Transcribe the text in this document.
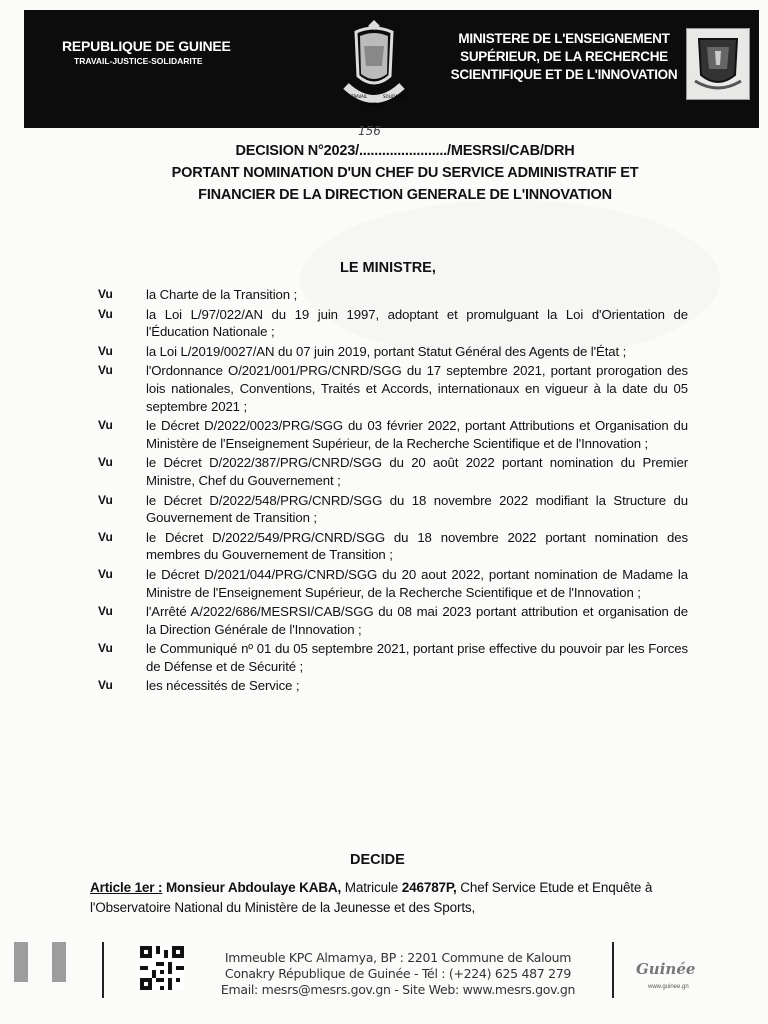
REPUBLIQUE DE GUINEE
TRAVAIL-JUSTICE-SOLIDARITE
TRAVAIL
JUSTICE
SOLIDARITE
MINISTERE DE L'ENSEIGNEMENT
SUPÉRIEUR, DE LA RECHERCHE
SCIENTIFIQUE ET DE L'INNOVATION
156
DECISION N°2023/......................./MESRSI/CAB/DRH
PORTANT NOMINATION D'UN CHEF DU SERVICE ADMINISTRATIF ET
FINANCIER DE LA DIRECTION GENERALE DE L'INNOVATION
LE MINISTRE,
Vu	la Charte de la Transition ;
Vu	la Loi L/97/022/AN du 19 juin 1997, adoptant et promulguant la Loi d'Orientation de l'Éducation Nationale ;
Vu	la Loi L/2019/0027/AN du 07 juin 2019, portant Statut Général des Agents de l'État ;
Vu	l'Ordonnance O/2021/001/PRG/CNRD/SGG du 17 septembre 2021, portant prorogation des lois nationales, Conventions, Traités et Accords, internationaux en vigueur à la date du 05 septembre 2021 ;
Vu	le Décret D/2022/0023/PRG/SGG du 03 février 2022, portant Attributions et Organisation du Ministère de l'Enseignement Supérieur, de la Recherche Scientifique et de l'Innovation ;
Vu	le Décret D/2022/387/PRG/CNRD/SGG du 20 août 2022 portant nomination du Premier Ministre, Chef du Gouvernement ;
Vu	le Décret D/2022/548/PRG/CNRD/SGG du 18 novembre 2022 modifiant la Structure du Gouvernement de Transition ;
Vu	le Décret D/2022/549/PRG/CNRD/SGG du 18 novembre 2022 portant nomination des membres du Gouvernement de Transition ;
Vu	le Décret D/2021/044/PRG/CNRD/SGG du 20 aout 2022, portant nomination de Madame la Ministre de l'Enseignement Supérieur, de la Recherche Scientifique et de l'Innovation ;
Vu	l'Arrêté A/2022/686/MESRSI/CAB/SGG du 08 mai 2023 portant attribution et organisation de la Direction Générale de l'Innovation ;
Vu	le Communiqué nº 01 du 05 septembre 2021, portant prise effective du pouvoir par les Forces de Défense et de Sécurité ;
Vu	les nécessités de Service ;
DECIDE
Article 1er : Monsieur Abdoulaye KABA, Matricule 246787P, Chef Service Etude et Enquête à l'Observatoire National du Ministère de la Jeunesse et des Sports,
Immeuble KPC Almamya, BP : 2201 Commune de Kaloum
Conakry République de Guinée - Tél : (+224) 625 487 279
Email: mesrs@mesrs.gov.gn - Site Web: www.mesrs.gov.gn
Guinée
www.guinee.gn
